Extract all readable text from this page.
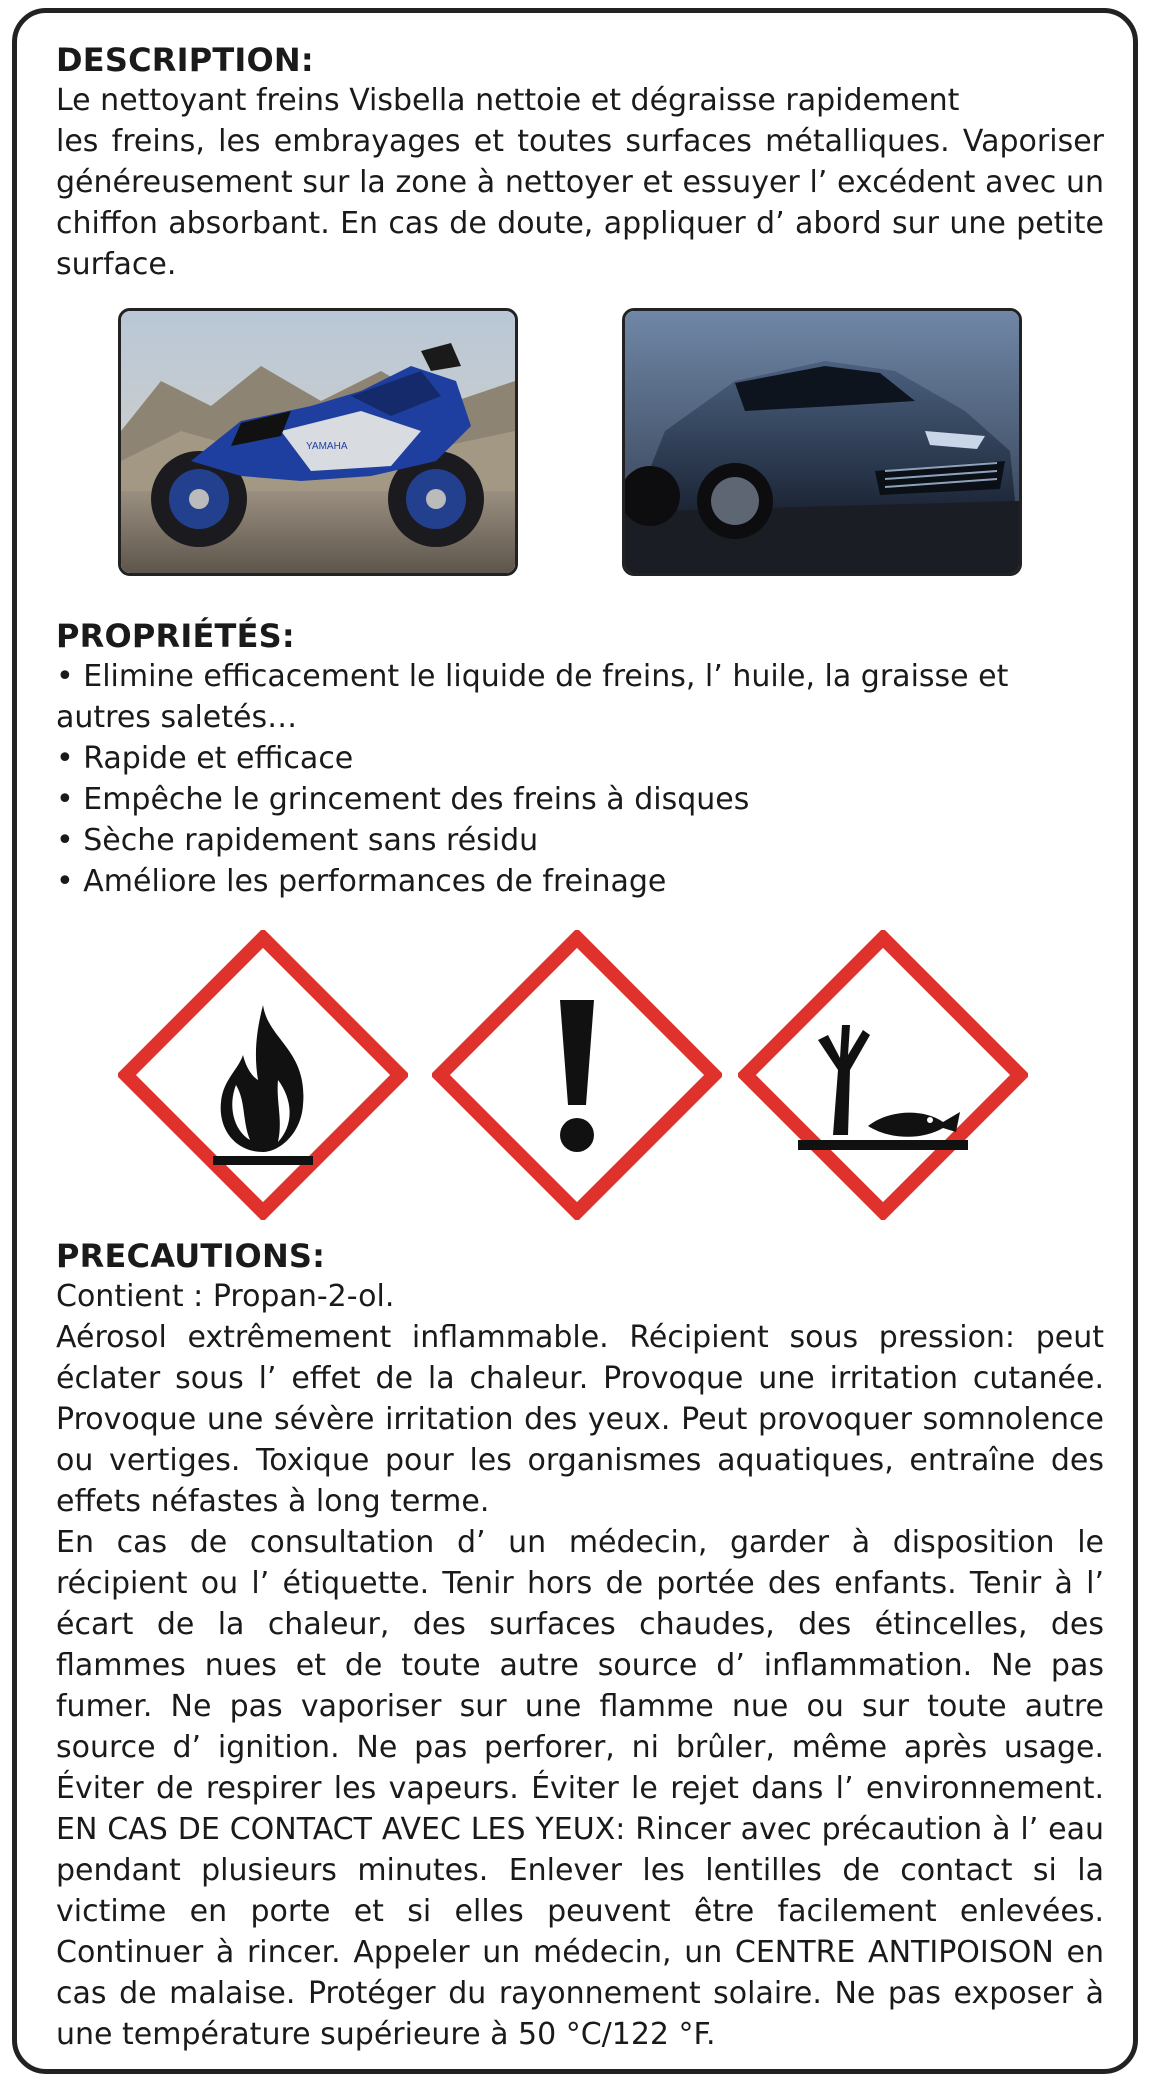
DESCRIPTION:
Le nettoyant freins Visbella nettoie et dégraisse rapidement
les freins, les embrayages et toutes surfaces métalliques. Vaporiser généreusement sur la zone à nettoyer et essuyer l’ excédent avec un chiffon absorbant. En cas de doute, appliquer d’ abord sur une petite surface.
YAMAHA
PROPRIÉTÉS:
• Elimine efficacement le liquide de freins, l’ huile, la graisse et autres saletés…
• Rapide et efficace
• Empêche le grincement des freins à disques
• Sèche rapidement sans résidu
• Améliore les performances de freinage
PRECAUTIONS:
Contient : Propan-2-ol.
Aérosol extrêmement inflammable. Récipient sous pression: peut éclater sous l’ effet de la chaleur. Provoque une irritation cutanée. Provoque une sévère irritation des yeux. Peut provoquer somnolence ou vertiges. Toxique pour les organismes aquatiques, entraîne des effets néfastes à long terme.
En cas de consultation d’ un médecin, garder à disposition le récipient ou l’ étiquette. Tenir hors de portée des enfants. Tenir à l’ écart de la chaleur, des surfaces chaudes, des étincelles, des flammes nues et de toute autre source d’ inflammation. Ne pas fumer. Ne pas vaporiser sur une flamme nue ou sur toute autre source d’ ignition. Ne pas perforer, ni brûler, même après usage. Éviter de respirer les vapeurs. Éviter le rejet dans l’ environnement. EN CAS DE CONTACT AVEC LES YEUX: Rincer avec précaution à l’ eau pendant plusieurs minutes. Enlever les lentilles de contact si la victime en porte et si elles peuvent être facilement enlevées. Continuer à rincer. Appeler un médecin, un CENTRE ANTIPOISON en cas de malaise. Protéger du rayonnement solaire. Ne pas exposer à une température supérieure à 50 °C/122 °F.
